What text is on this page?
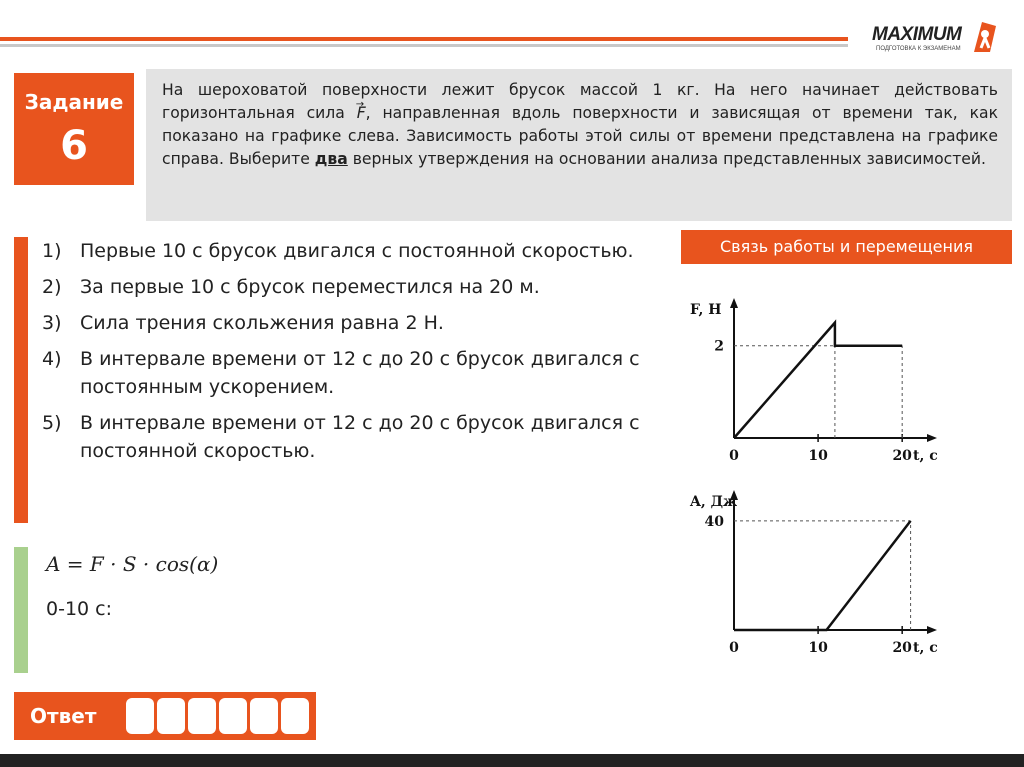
MAXIMUM
ПОДГОТОВКА К ЭКЗАМЕНАМ
Задание
6
На шероховатой поверхности лежит брусок массой 1 кг. На него начинает действовать горизонтальная сила → F, направленная вдоль поверхности и зависящая от времени так, как показано на графике слева. Зависимость работы этой силы от времени представлена на графике справа. Выберите два верных утверждения на основании анализа представленных зависимостей.
Связь работы и перемещения
1) Первые 10 с брусок двигался с постоянной скоростью.
2) За первые 10 с брусок переместился на 20 м.
3) Сила трения скольжения равна 2 Н.
4) В интервале времени от 12 с до 20 с брусок двигался с постоянным ускорением.
5) В интервале времени от 12 с до 20 с брусок двигался с постоянной скоростью.
A = F · S · cos(α)
0-10 с:
F, Н
t, с
0	10	20
2
A, Дж
t, с
0	10	20
40
Ответ
